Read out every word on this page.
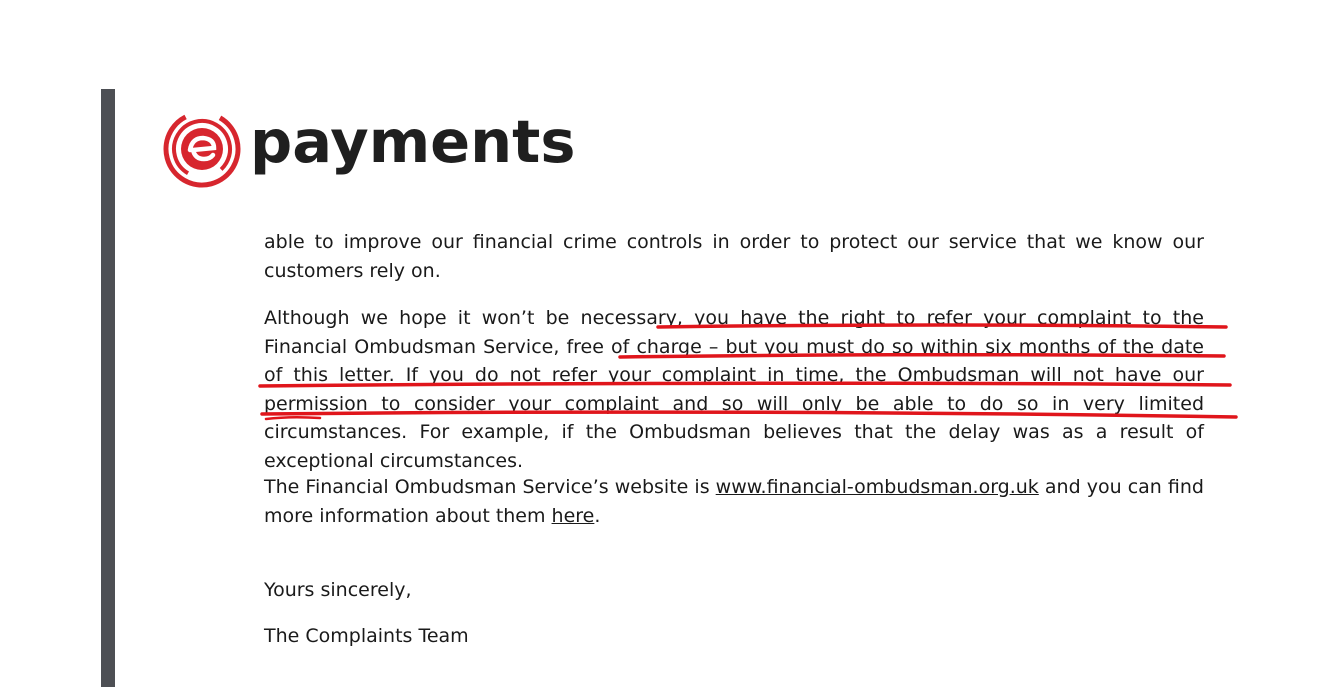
payments
able to improve our financial crime controls in order to protect our service that we know our customers rely on.
Although we hope it won’t be necessary, you have the right to refer your complaint to the Financial Ombudsman Service, free of charge – but you must do so within six months of the date of this letter. If you do not refer your complaint in time, the Ombudsman will not have our permission to consider your complaint and so will only be able to do so in very limited circumstances. For example, if the Ombudsman believes that the delay was as a result of exceptional circumstances.
The Financial Ombudsman Service’s website is www.financial-ombudsman.org.uk and you can find more information about them here.
Yours sincerely,
The Complaints Team
